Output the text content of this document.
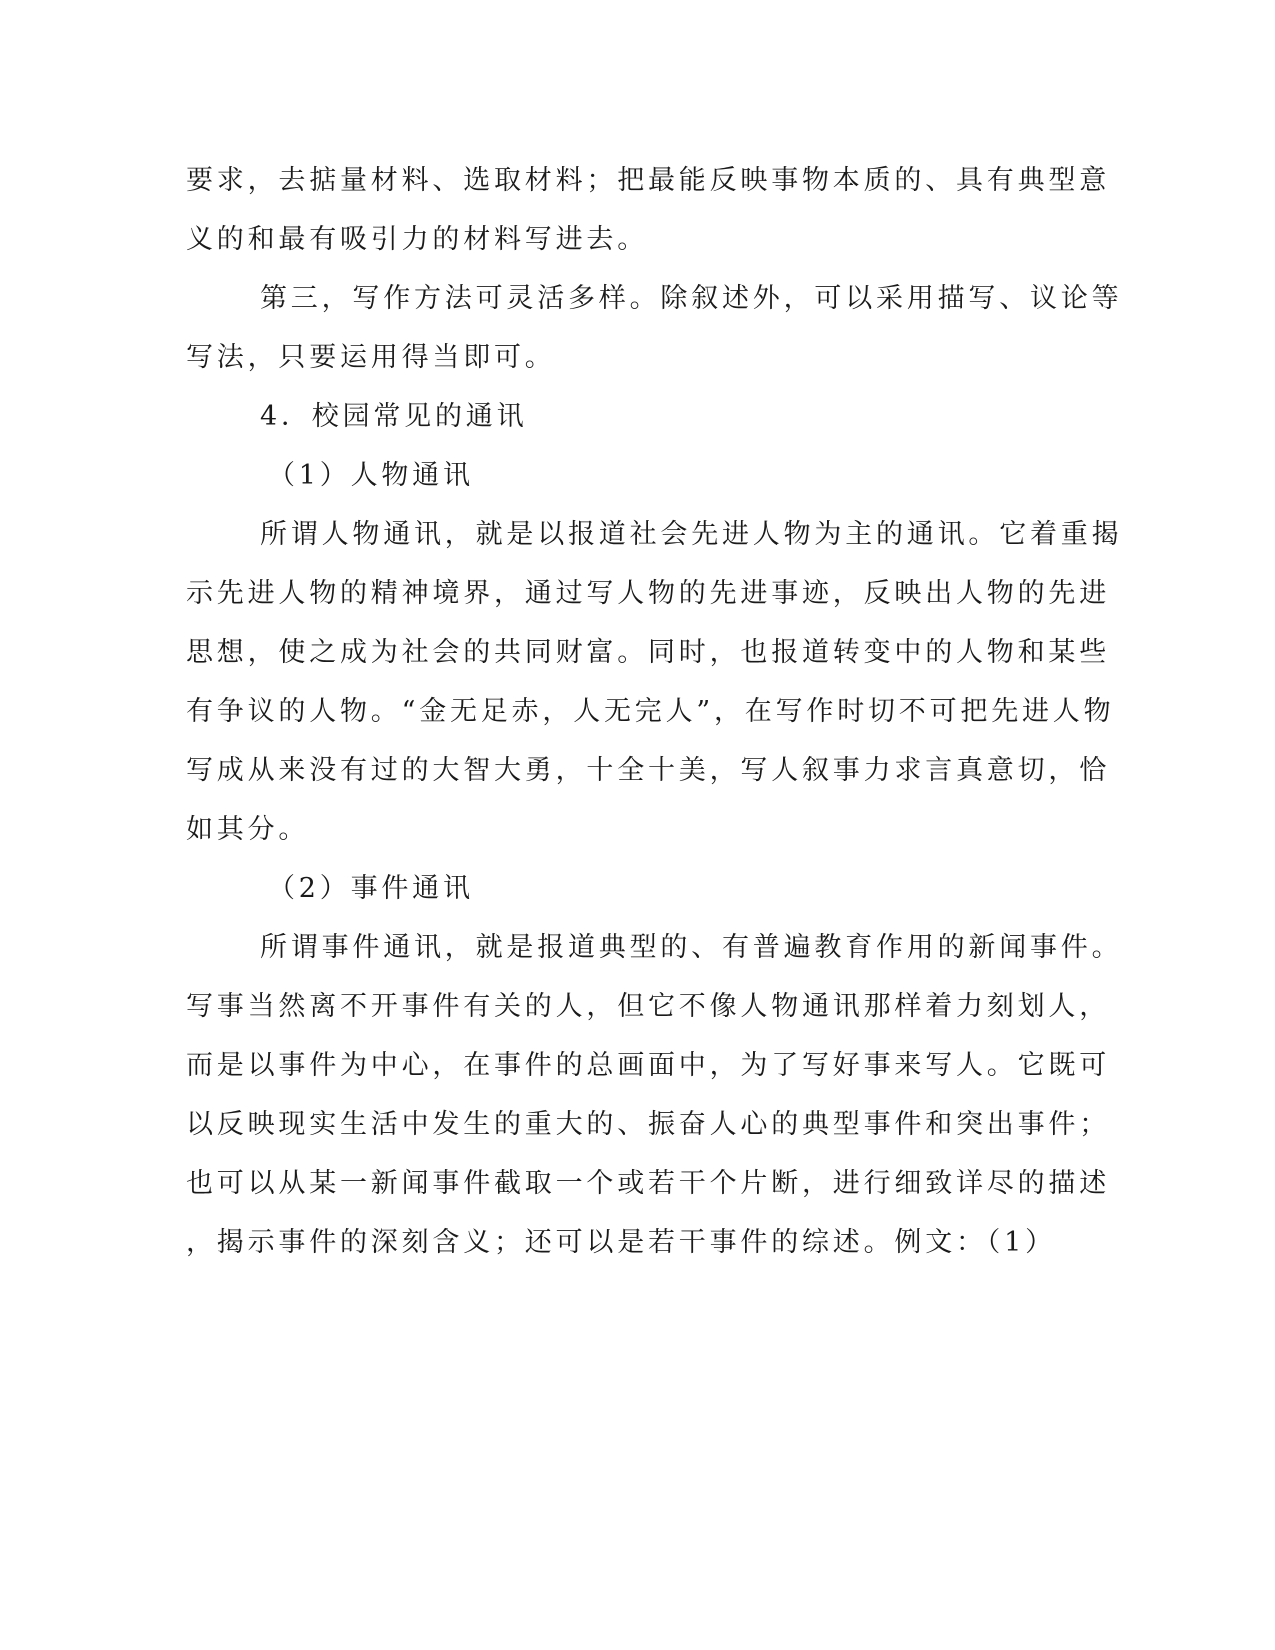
要求，去掂量材料、选取材料；把最能反映事物本质的、具有典型意

义的和最有吸引力的材料写进去。

第三，写作方法可灵活多样。除叙述外，可以采用描写、议论等

写法，只要运用得当即可。

4．校园常见的通讯

（1）人物通讯

所谓人物通讯，就是以报道社会先进人物为主的通讯。它着重揭

示先进人物的精神境界，通过写人物的先进事迹，反映出人物的先进

思想，使之成为社会的共同财富。同时，也报道转变中的人物和某些

有争议的人物。“金无足赤，人无完人”，在写作时切不可把先进人物

写成从来没有过的大智大勇，十全十美，写人叙事力求言真意切，恰

如其分。

（2）事件通讯

所谓事件通讯，就是报道典型的、有普遍教育作用的新闻事件。

写事当然离不开事件有关的人，但它不像人物通讯那样着力刻划人，

而是以事件为中心，在事件的总画面中，为了写好事来写人。它既可

以反映现实生活中发生的重大的、振奋人心的典型事件和突出事件；

也可以从某一新闻事件截取一个或若干个片断，进行细致详尽的描述

，揭示事件的深刻含义；还可以是若干事件的综述。例文：（1）
